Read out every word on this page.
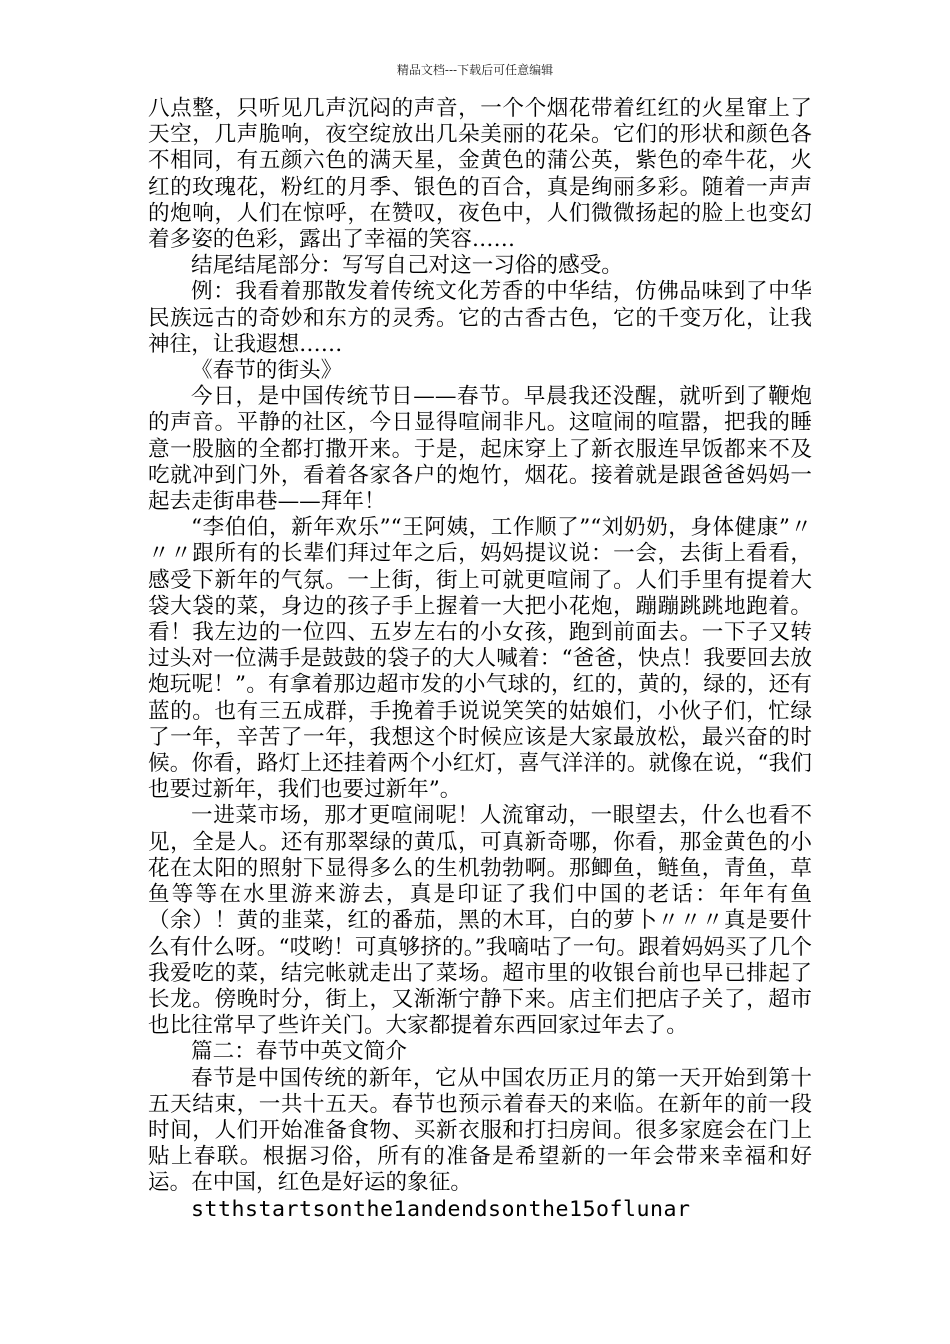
精品文档---下载后可任意编辑

八点整，只听见几声沉闷的声音，一个个烟花带着红红的火星窜上了天空，几声脆响，夜空绽放出几朵美丽的花朵。它们的形状和颜色各不相同，有五颜六色的满天星，金黄色的蒲公英，紫色的牵牛花，火红的玫瑰花，粉红的月季、银色的百合，真是绚丽多彩。随着一声声的炮响，人们在惊呼，在赞叹，夜色中，人们微微扬起的脸上也变幻着多姿的色彩，露出了幸福的笑容……

结尾结尾部分：写写自己对这一习俗的感受。

例：我看着那散发着传统文化芳香的中华结，仿佛品味到了中华民族远古的奇妙和东方的灵秀。它的古香古色，它的千变万化，让我神往，让我遐想……

《春节的街头》

今日，是中国传统节日——春节。早晨我还没醒，就听到了鞭炮的声音。平静的社区，今日显得喧闹非凡。这喧闹的喧嚣，把我的睡意一股脑的全都打撒开来。于是，起床穿上了新衣服连早饭都来不及吃就冲到门外，看着各家各户的炮竹，烟花。接着就是跟爸爸妈妈一起去走街串巷——拜年！

“李伯伯，新年欢乐”“王阿姨，工作顺了”“刘奶奶，身体健康”〃〃〃跟所有的长辈们拜过年之后，妈妈提议说：一会，去街上看看，感受下新年的气氛。一上街，街上可就更喧闹了。人们手里有提着大袋大袋的菜，身边的孩子手上握着一大把小花炮，蹦蹦跳跳地跑着。看！我左边的一位四、五岁左右的小女孩，跑到前面去。一下子又转过头对一位满手是鼓鼓的袋子的大人喊着：“爸爸，快点！我要回去放炮玩呢！”。有拿着那边超市发的小气球的，红的，黄的，绿的，还有蓝的。也有三五成群，手挽着手说说笑笑的姑娘们，小伙子们，忙绿了一年，辛苦了一年，我想这个时候应该是大家最放松，最兴奋的时候。你看，路灯上还挂着两个小红灯，喜气洋洋的。就像在说，“我们也要过新年，我们也要过新年”。

一进菜市场，那才更喧闹呢！人流窜动，一眼望去，什么也看不见，全是人。还有那翠绿的黄瓜，可真新奇哪，你看，那金黄色的小花在太阳的照射下显得多么的生机勃勃啊。那鲫鱼，鲢鱼，青鱼，草鱼等等在水里游来游去，真是印证了我们中国的老话：年年有鱼（余）！黄的韭菜，红的番茄，黑的木耳，白的萝卜〃〃〃真是要什么有什么呀。“哎哟！可真够挤的。”我嘀咕了一句。跟着妈妈买了几个我爱吃的菜，结完帐就走出了菜场。超市里的收银台前也早已排起了长龙。傍晚时分，街上，又渐渐宁静下来。店主们把店子关了，超市也比往常早了些许关门。大家都提着东西回家过年去了。

篇二：春节中英文简介

春节是中国传统的新年，它从中国农历正月的第一天开始到第十五天结束，一共十五天。春节也预示着春天的来临。在新年的前一段时间，人们开始准备食物、买新衣服和打扫房间。很多家庭会在门上贴上春联。根据习俗，所有的准备是希望新的一年会带来幸福和好运。在中国，红色是好运的象征。

stthstartsonthe1andendsonthe15oflunar
